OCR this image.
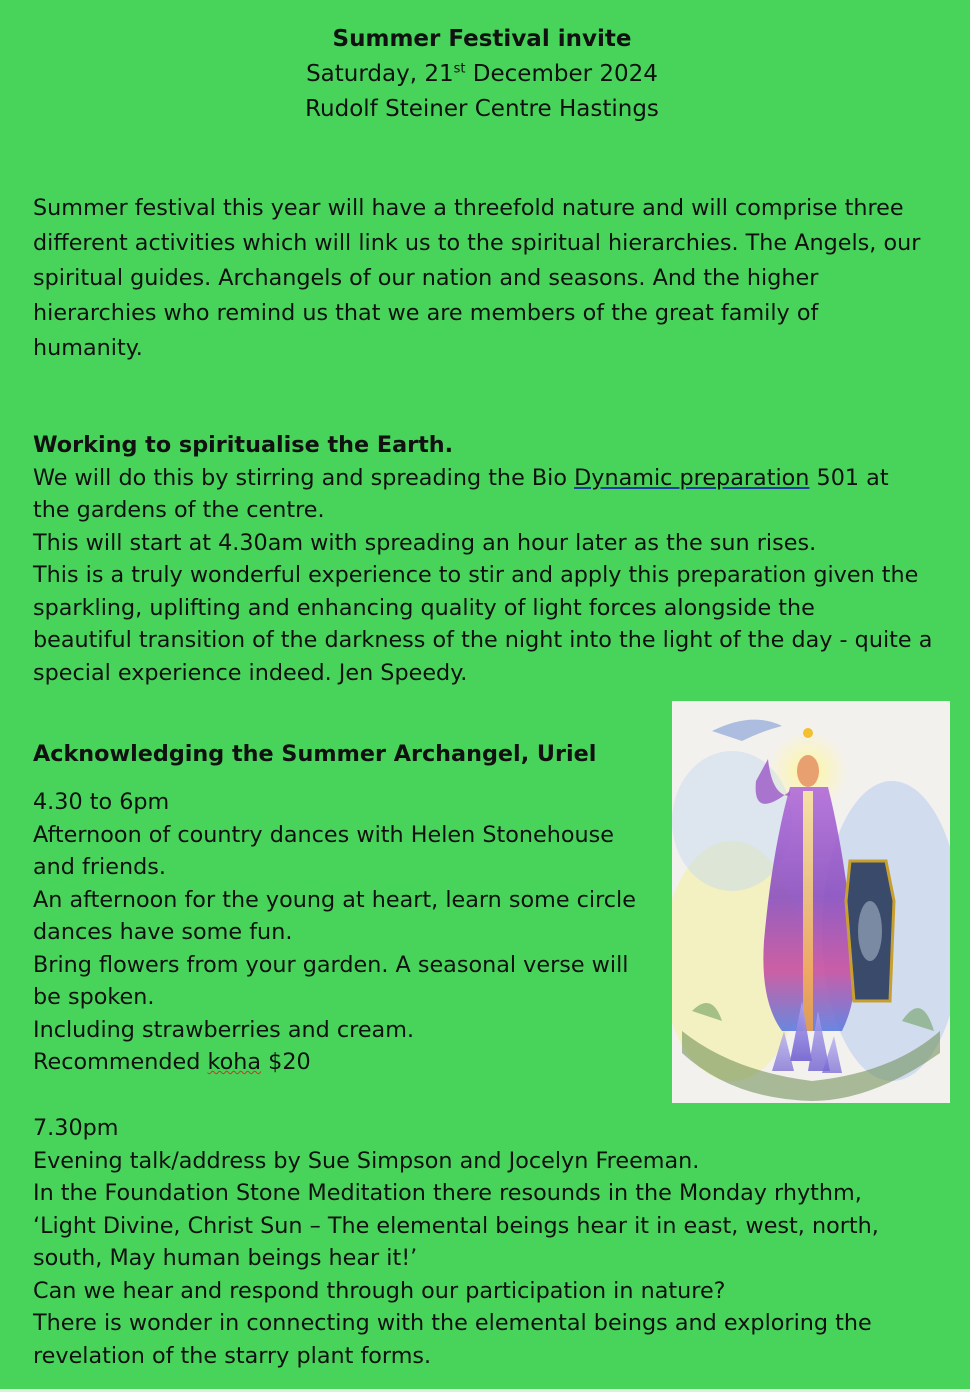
Summer Festival invite
Saturday, 21st December 2024
Rudolf Steiner Centre Hastings
Summer festival this year will have a threefold nature and will comprise three
different activities which will link us to the spiritual hierarchies. The Angels, our
spiritual guides. Archangels of our nation and seasons. And the higher
hierarchies who remind us that we are members of the great family of
humanity.
Working to spiritualise the Earth.
We will do this by stirring and spreading the Bio Dynamic preparation 501 at
the gardens of the centre.
This will start at 4.30am with spreading an hour later as the sun rises.
This is a truly wonderful experience to stir and apply this preparation given the
sparkling, uplifting and enhancing quality of light forces alongside the
beautiful transition of the darkness of the night into the light of the day - quite a
special experience indeed. Jen Speedy.
Acknowledging the Summer Archangel, Uriel
4.30 to 6pm
Afternoon of country dances with Helen Stonehouse
and friends.
An afternoon for the young at heart, learn some circle
dances have some fun.
Bring flowers from your garden. A seasonal verse will
be spoken.
Including strawberries and cream.
Recommended koha $20
7.30pm
Evening talk/address by Sue Simpson and Jocelyn Freeman.
In the Foundation Stone Meditation there resounds in the Monday rhythm,
‘Light Divine, Christ Sun – The elemental beings hear it in east, west, north,
south, May human beings hear it!’
Can we hear and respond through our participation in nature?
There is wonder in connecting with the elemental beings and exploring the
revelation of the starry plant forms.
